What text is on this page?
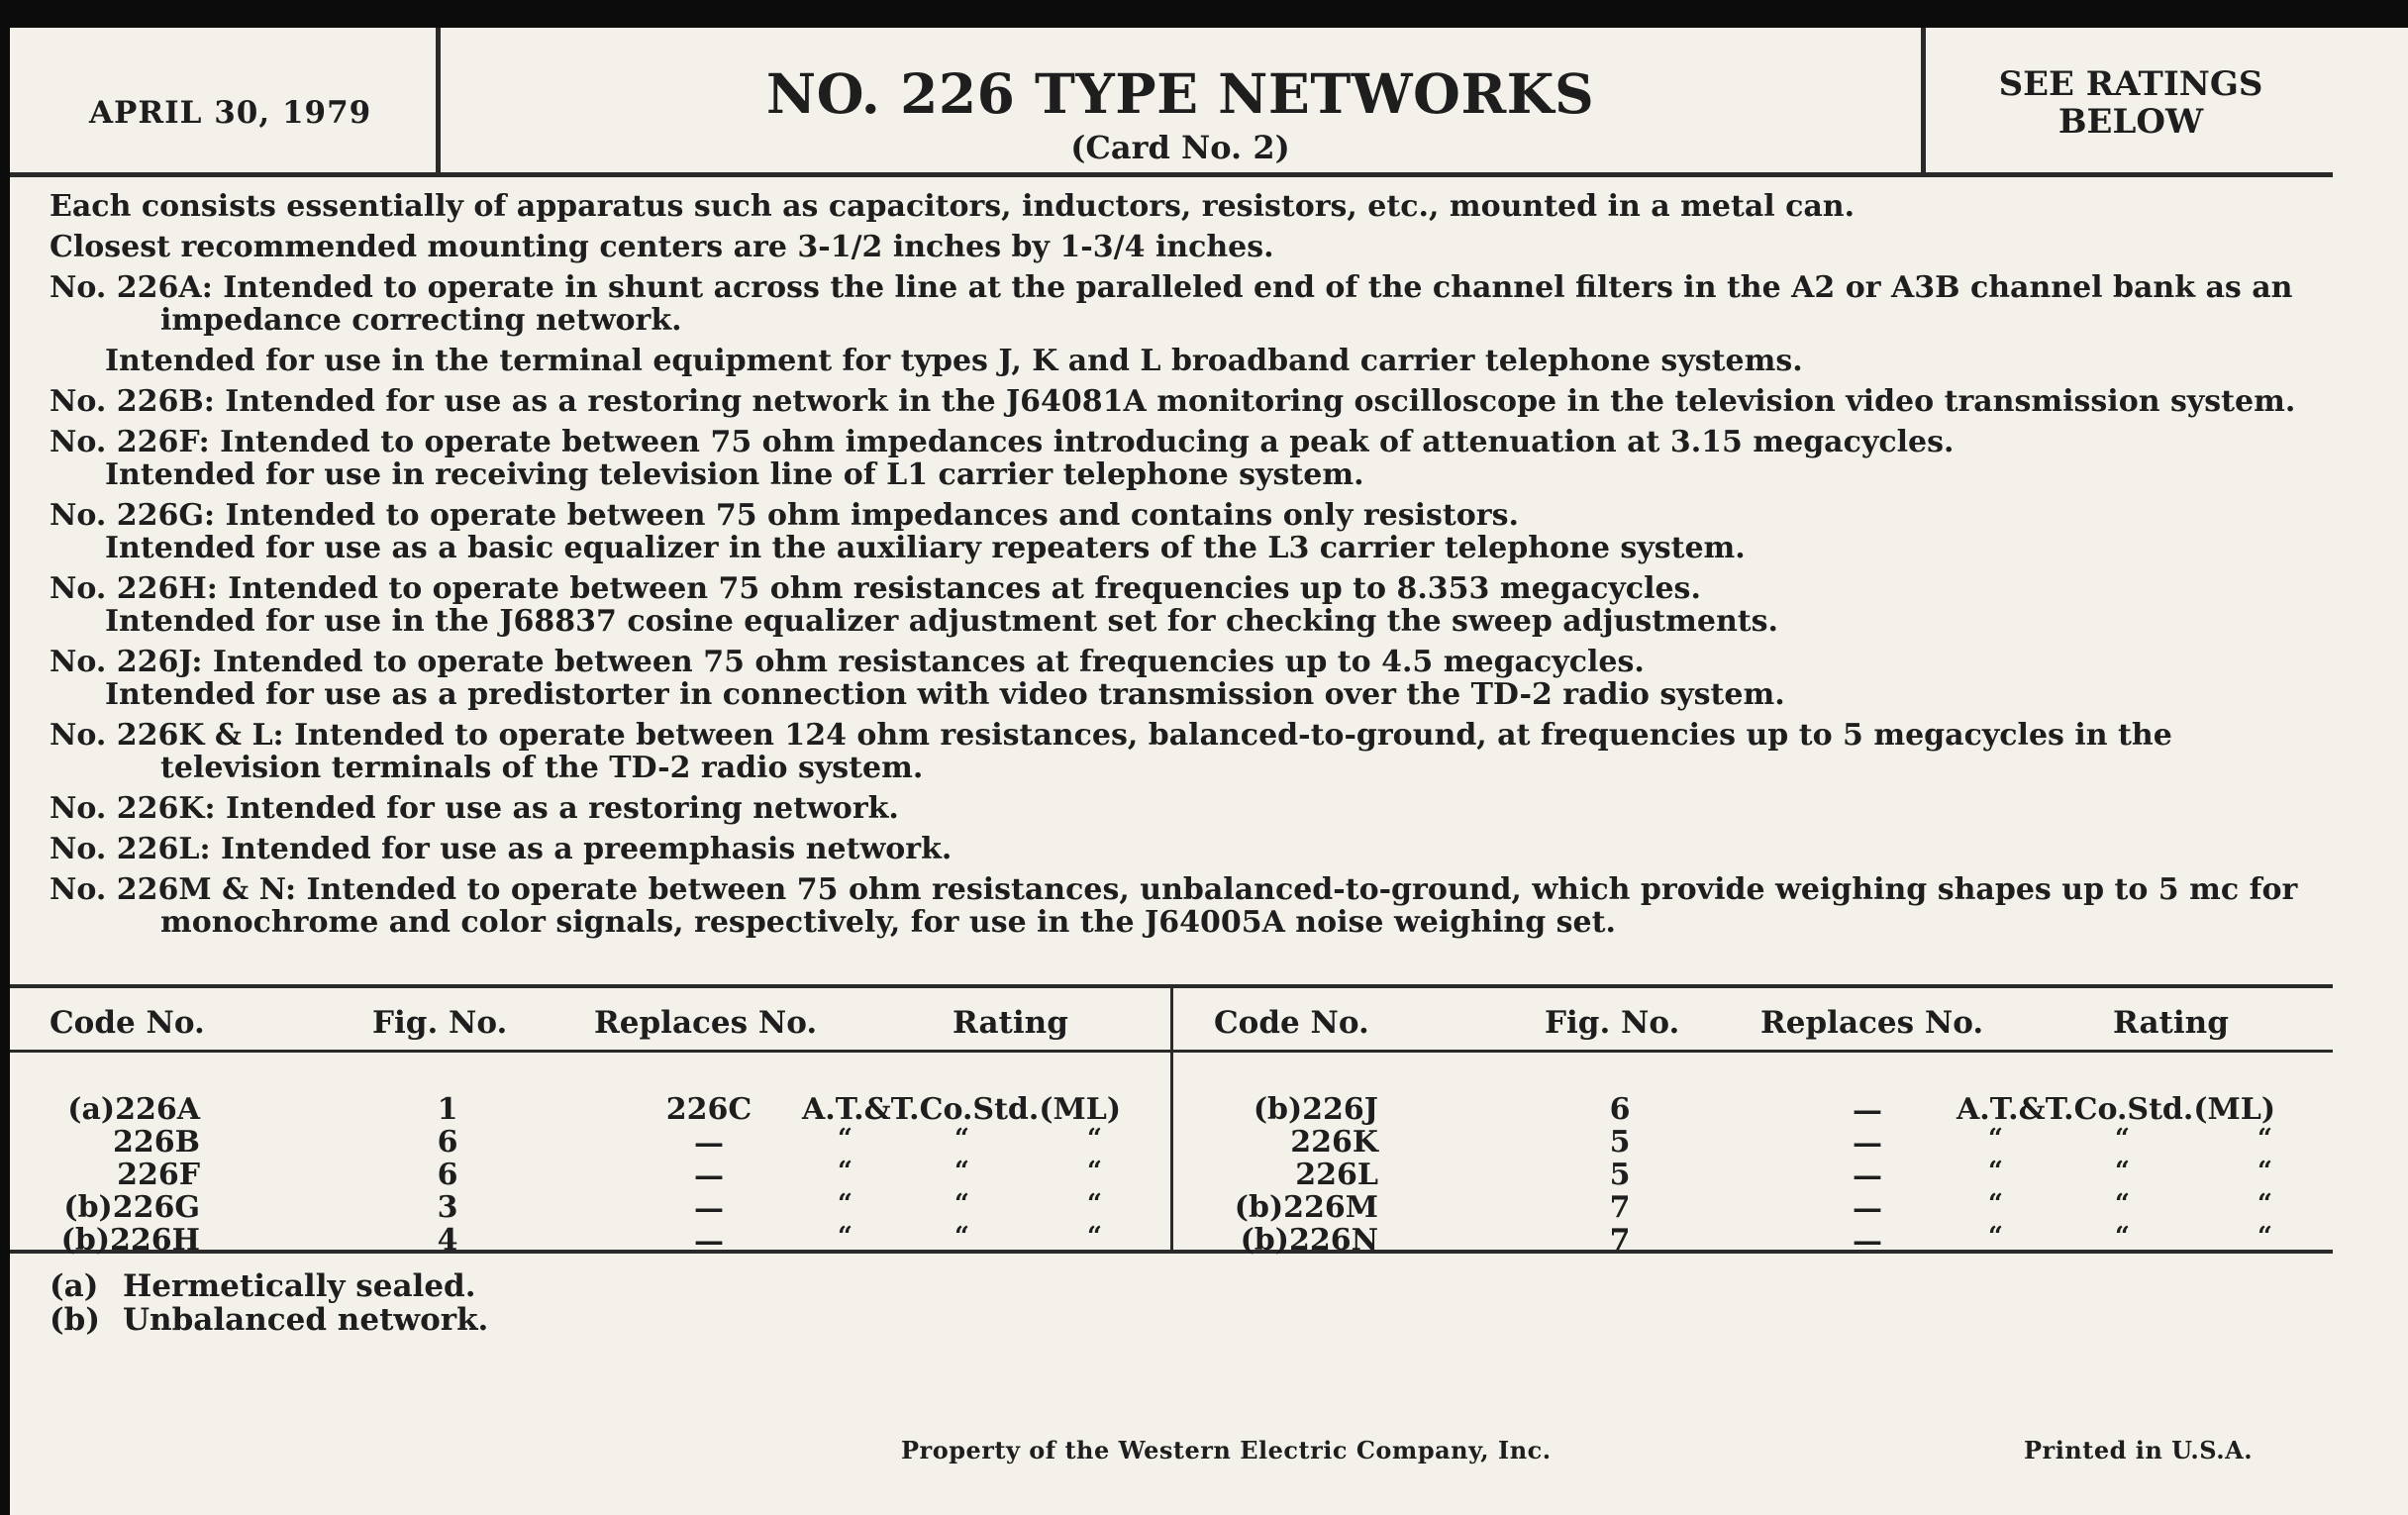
APRIL 30, 1979	NO. 226 TYPE NETWORKS
(Card No. 2)
SEE RATINGS
BELOW

Each consists essentially of apparatus such as capacitors, inductors, resistors, etc., mounted in a metal can.

Closest recommended mounting centers are 3-1/2 inches by 1-3/4 inches.

No. 226A: Intended to operate in shunt across the line at the paralleled end of the channel filters in the A2 or A3B channel bank as an impedance correcting network.

Intended for use in the terminal equipment for types J, K and L broadband carrier telephone systems.

No. 226B: Intended for use as a restoring network in the J64081A monitoring oscilloscope in the television video transmission system.

No. 226F: Intended to operate between 75 ohm impedances introducing a peak of attenuation at 3.15 megacycles.

Intended for use in receiving television line of L1 carrier telephone system.

No. 226G: Intended to operate between 75 ohm impedances and contains only resistors.

Intended for use as a basic equalizer in the auxiliary repeaters of the L3 carrier telephone system.

No. 226H: Intended to operate between 75 ohm resistances at frequencies up to 8.353 megacycles.

Intended for use in the J68837 cosine equalizer adjustment set for checking the sweep adjustments.

No. 226J: Intended to operate between 75 ohm resistances at frequencies up to 4.5 megacycles.

Intended for use as a predistorter in connection with video transmission over the TD-2 radio system.

No. 226K & L: Intended to operate between 124 ohm resistances, balanced-to-ground, at frequencies up to 5 megacycles in the television terminals of the TD-2 radio system.

No. 226K: Intended for use as a restoring network.

No. 226L: Intended for use as a preemphasis network.

No. 226M & N: Intended to operate between 75 ohm resistances, unbalanced-to-ground, which provide weighing shapes up to 5 mc for monochrome and color signals, respectively, for use in the J64005A noise weighing set.

Code No.	Fig. No.	Replaces No.	Rating
(a)226A	1	226C	A.T.&T.Co.Std.(ML)
226B	6	—	“	“	“
226F	6	—	“	“	“
(b)226G	3	—	“	“	“
(b)226H	4	—	“	“	“
Code No.	Fig. No.	Replaces No.	Rating
(b)226J	6	—	A.T.&T.Co.Std.(ML)
226K	5	—	“	“	“
226L	5	—	“	“	“
(b)226M	7	—	“	“	“
(b)226N	7	—	“	“	“
(a) Hermetically sealed.
(b) Unbalanced network.
Property of the Western Electric Company, Inc.	Printed in U.S.A.
